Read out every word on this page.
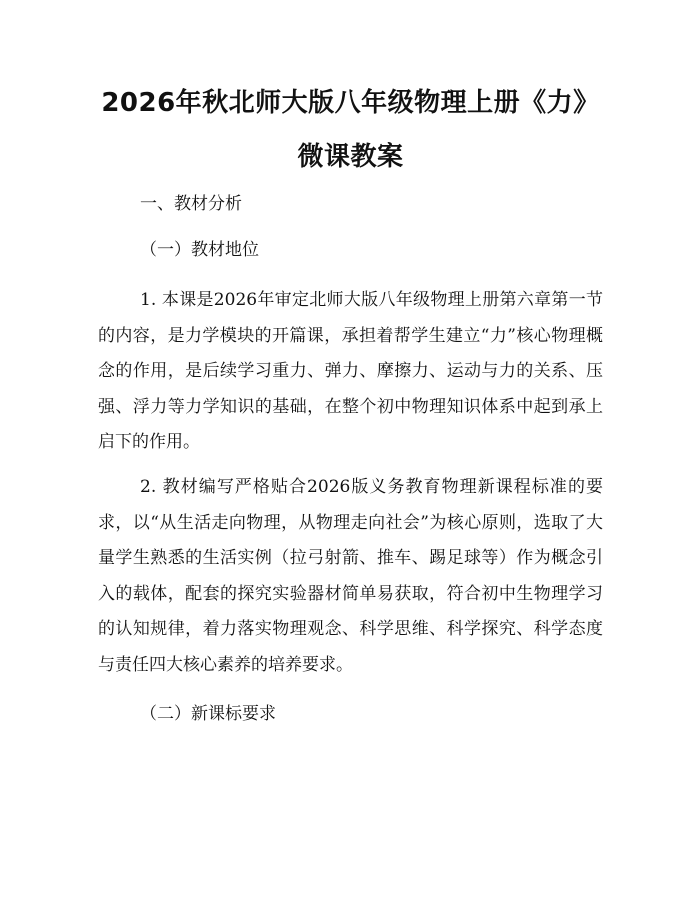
2026年秋北师大版八年级物理上册《力》微课教案

一、教材分析

（一）教材地位

1. 本课是2026年审定北师大版八年级物理上册第六章第一节的内容，是力学模块的开篇课，承担着帮学生建立“力”核心物理概念的作用，是后续学习重力、弹力、摩擦力、运动与力的关系、压强、浮力等力学知识的基础，在整个初中物理知识体系中起到承上启下的作用。

2. 教材编写严格贴合2026版义务教育物理新课程标准的要求，以“从生活走向物理，从物理走向社会”为核心原则，选取了大量学生熟悉的生活实例（拉弓射箭、推车、踢足球等）作为概念引入的载体，配套的探究实验器材简单易获取，符合初中生物理学习的认知规律，着力落实物理观念、科学思维、科学探究、科学态度与责任四大核心素养的培养要求。

（二）新课标要求
